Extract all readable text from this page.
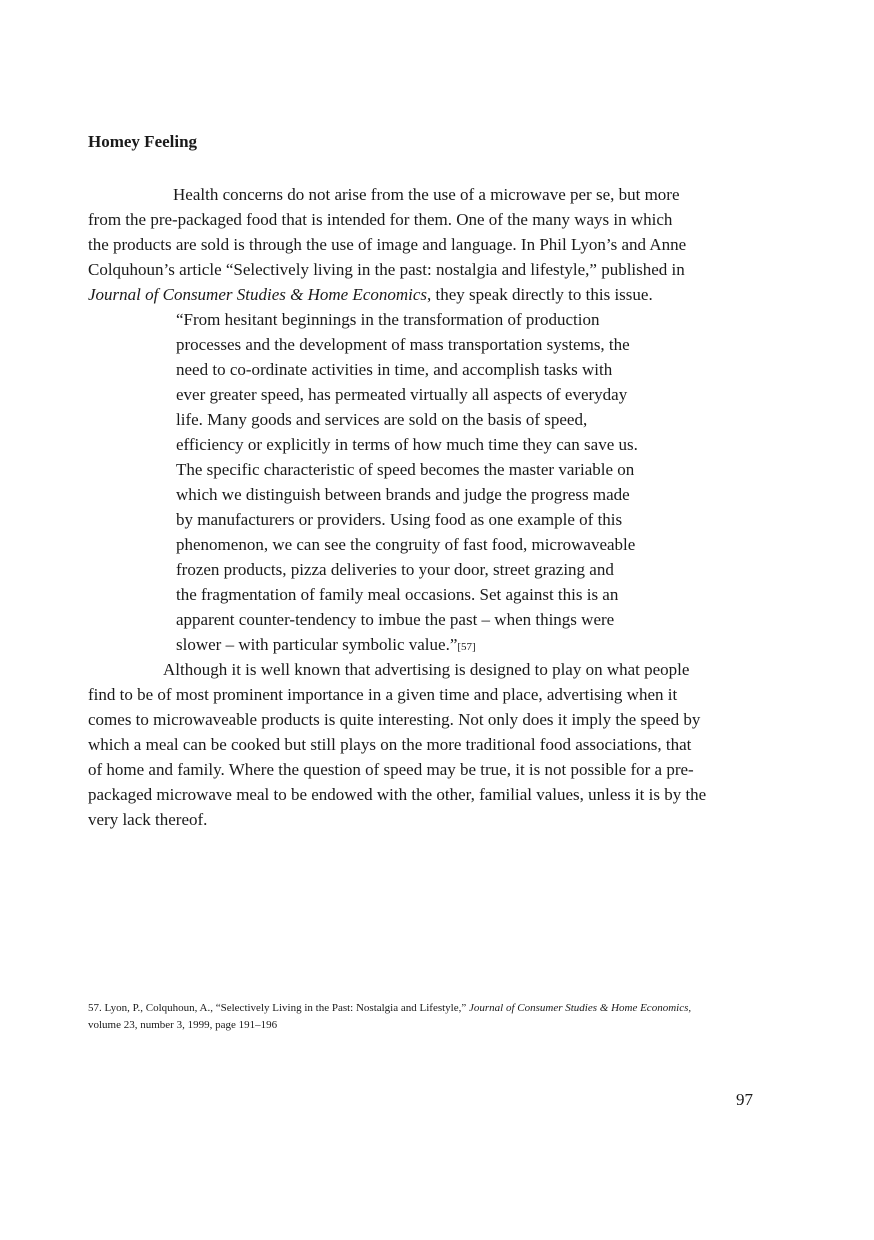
Homey Feeling
Health concerns do not arise from the use of a microwave per se, but more
from the pre-packaged food that is intended for them. One of the many ways in which
the products are sold is through the use of image and language. In Phil Lyon’s and Anne
Colquhoun’s article “Selectively living in the past: nostalgia and lifestyle,” published in
Journal of Consumer Studies & Home Economics, they speak directly to this issue.
“From hesitant beginnings in the transformation of production
processes and the development of mass transportation systems, the
need to co-ordinate activities in time, and accomplish tasks with
ever greater speed, has permeated virtually all aspects of everyday
life. Many goods and services are sold on the basis of speed,
efficiency or explicitly in terms of how much time they can save us.
The specific characteristic of speed becomes the master variable on
which we distinguish between brands and judge the progress made
by manufacturers or providers. Using food as one example of this
phenomenon, we can see the congruity of fast food, microwaveable
frozen products, pizza deliveries to your door, street grazing and
the fragmentation of family meal occasions. Set against this is an
apparent counter-tendency to imbue the past – when things were
slower – with particular symbolic value.”[57]
Although it is well known that advertising is designed to play on what people
find to be of most prominent importance in a given time and place, advertising when it
comes to microwaveable products is quite interesting. Not only does it imply the speed by
which a meal can be cooked but still plays on the more traditional food associations, that
of home and family. Where the question of speed may be true, it is not possible for a pre-
packaged microwave meal to be endowed with the other, familial values, unless it is by the
very lack thereof.
57. Lyon, P., Colquhoun, A., “Selectively Living in the Past: Nostalgia and Lifestyle,” Journal of Consumer Studies & Home Economics,
volume 23, number 3, 1999, page 191–196
97
